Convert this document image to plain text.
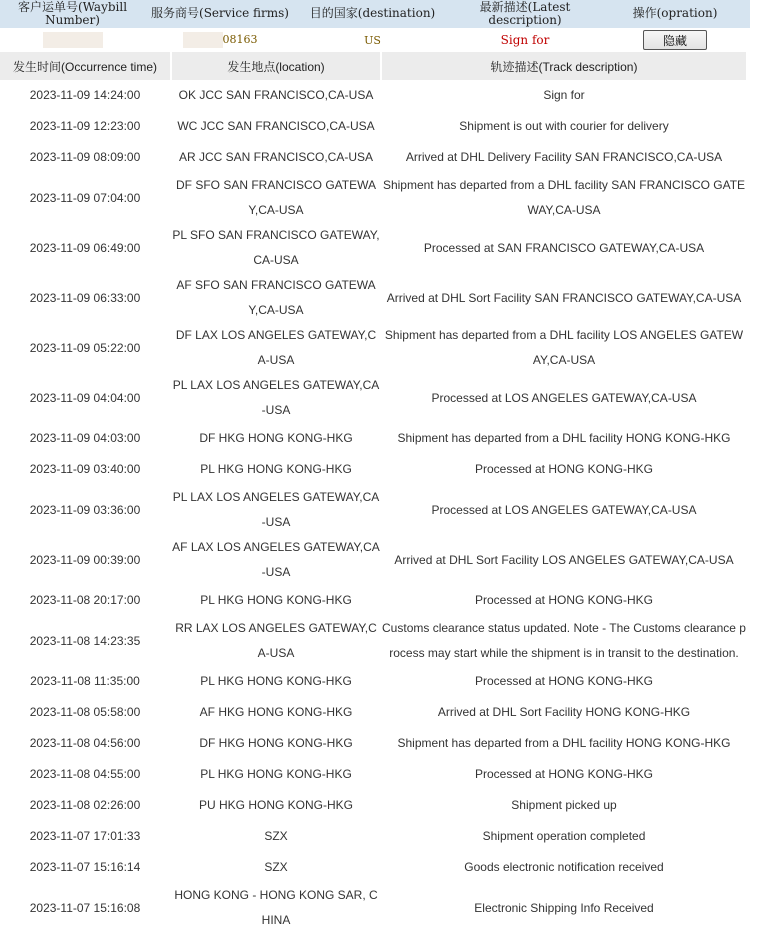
客户运单号(Waybill Number)	服务商号(Service firms)	目的国家(destination)	最新描述(Latest description)	操作(opration)

	08163	US	Sign for	隐藏
发生时间(Occurrence time)	发生地点(location)	轨迹描述(Track description)
2023-11-09 14:24:00	OK JCC SAN FRANCISCO,CA-USA	Sign for
2023-11-09 12:23:00	WC JCC SAN FRANCISCO,CA-USA	Shipment is out with courier for delivery
2023-11-09 08:09:00	AR JCC SAN FRANCISCO,CA-USA	Arrived at DHL Delivery Facility SAN FRANCISCO,CA-USA
2023-11-09 07:04:00	DF SFO SAN FRANCISCO GATEWAY,CA-USA	Shipment has departed from a DHL facility SAN FRANCISCO GATEWAY,CA-USA
2023-11-09 06:49:00	PL SFO SAN FRANCISCO GATEWAY,CA-USA	Processed at SAN FRANCISCO GATEWAY,CA-USA
2023-11-09 06:33:00	AF SFO SAN FRANCISCO GATEWAY,CA-USA	Arrived at DHL Sort Facility SAN FRANCISCO GATEWAY,CA-USA
2023-11-09 05:22:00	DF LAX LOS ANGELES GATEWAY,CA-USA	Shipment has departed from a DHL facility LOS ANGELES GATEWAY,CA-USA
2023-11-09 04:04:00	PL LAX LOS ANGELES GATEWAY,CA-USA	Processed at LOS ANGELES GATEWAY,CA-USA
2023-11-09 04:03:00	DF HKG HONG KONG-HKG	Shipment has departed from a DHL facility HONG KONG-HKG
2023-11-09 03:40:00	PL HKG HONG KONG-HKG	Processed at HONG KONG-HKG
2023-11-09 03:36:00	PL LAX LOS ANGELES GATEWAY,CA-USA	Processed at LOS ANGELES GATEWAY,CA-USA
2023-11-09 00:39:00	AF LAX LOS ANGELES GATEWAY,CA-USA	Arrived at DHL Sort Facility LOS ANGELES GATEWAY,CA-USA
2023-11-08 20:17:00	PL HKG HONG KONG-HKG	Processed at HONG KONG-HKG
2023-11-08 14:23:35	RR LAX LOS ANGELES GATEWAY,CA-USA	Customs clearance status updated. Note - The Customs clearance process may start while the shipment is in transit to the destination.
2023-11-08 11:35:00	PL HKG HONG KONG-HKG	Processed at HONG KONG-HKG
2023-11-08 05:58:00	AF HKG HONG KONG-HKG	Arrived at DHL Sort Facility HONG KONG-HKG
2023-11-08 04:56:00	DF HKG HONG KONG-HKG	Shipment has departed from a DHL facility HONG KONG-HKG
2023-11-08 04:55:00	PL HKG HONG KONG-HKG	Processed at HONG KONG-HKG
2023-11-08 02:26:00	PU HKG HONG KONG-HKG	Shipment picked up
2023-11-07 17:01:33	SZX	Shipment operation completed
2023-11-07 15:16:14	SZX	Goods electronic notification received
2023-11-07 15:16:08	HONG KONG - HONG KONG SAR, CHINA	Electronic Shipping Info Received
